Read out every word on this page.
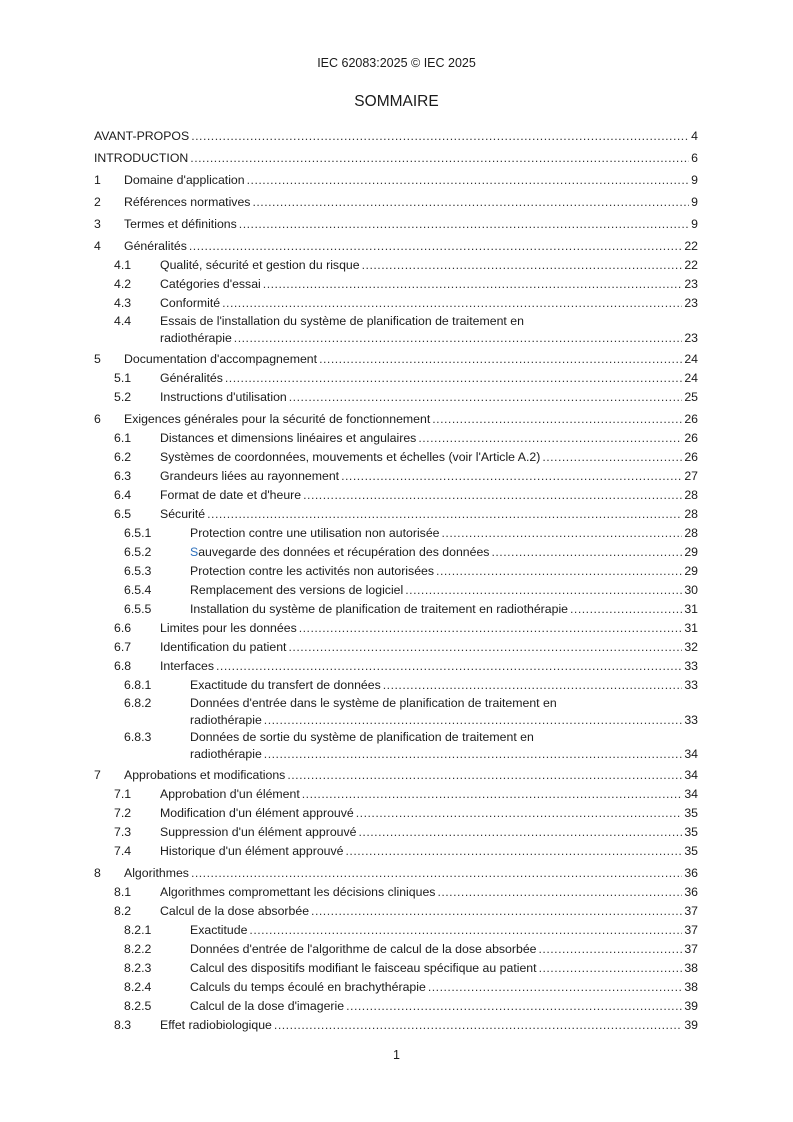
IEC 62083:2025 © IEC 2025
SOMMAIRE
AVANT-PROPOS .....	4
INTRODUCTION .....	6
1 Domaine d'application .....	9
2 Références normatives .....	9
3 Termes et définitions .....	9
4 Généralités .....	22
4.1 Qualité, sécurité et gestion du risque .....	22
4.2 Catégories d'essai .....	23
4.3 Conformité .....	23
4.4 Essais de l'installation du système de planification de traitement en
radiothérapie .....	23
5 Documentation d'accompagnement .....	24
5.1 Généralités .....	24
5.2 Instructions d'utilisation .....	25
6 Exigences générales pour la sécurité de fonctionnement .....	26
6.1 Distances et dimensions linéaires et angulaires .....	26
6.2 Systèmes de coordonnées, mouvements et échelles (voir l'Article A.2) .....	26
6.3 Grandeurs liées au rayonnement .....	27
6.4 Format de date et d'heure .....	28
6.5 Sécurité .....	28
6.5.1	Protection contre une utilisation non autorisée .....	28
6.5.2	S auvegarde des données et récupération des données .....	29
6.5.3	Protection contre les activités non autorisées .....	29
6.5.4	Remplacement des versions de logiciel .....	30
6.5.5	Installation du système de planification de traitement en radiothérapie .....	31
6.6 Limites pour les données .....	31
6.7 Identification du patient .....	32
6.8 Interfaces .....	33
6.8.1	Exactitude du transfert de données .....	33
6.8.2	Données d'entrée dans le système de planification de traitement en
radiothérapie .....	33
6.8.3	Données de sortie du système de planification de traitement en
radiothérapie .....	34
7 Approbations et modifications .....	34
7.1 Approbation d'un élément .....	34
7.2 Modification d'un élément approuvé .....	35
7.3 Suppression d'un élément approuvé .....	35
7.4 Historique d'un élément approuvé .....	35
8 Algorithmes .....	36
8.1 Algorithmes compromettant les décisions cliniques .....	36
8.2 Calcul de la dose absorbée .....	37
8.2.1	Exactitude .....	37
8.2.2	Données d'entrée de l'algorithme de calcul de la dose absorbée .....	37
8.2.3	Calcul des dispositifs modifiant le faisceau spécifique au patient .....	38
8.2.4	Calculs du temps écoulé en brachythérapie .....	38
8.2.5	Calcul de la dose d'imagerie .....	39
8.3 Effet radiobiologique .....	39
1
